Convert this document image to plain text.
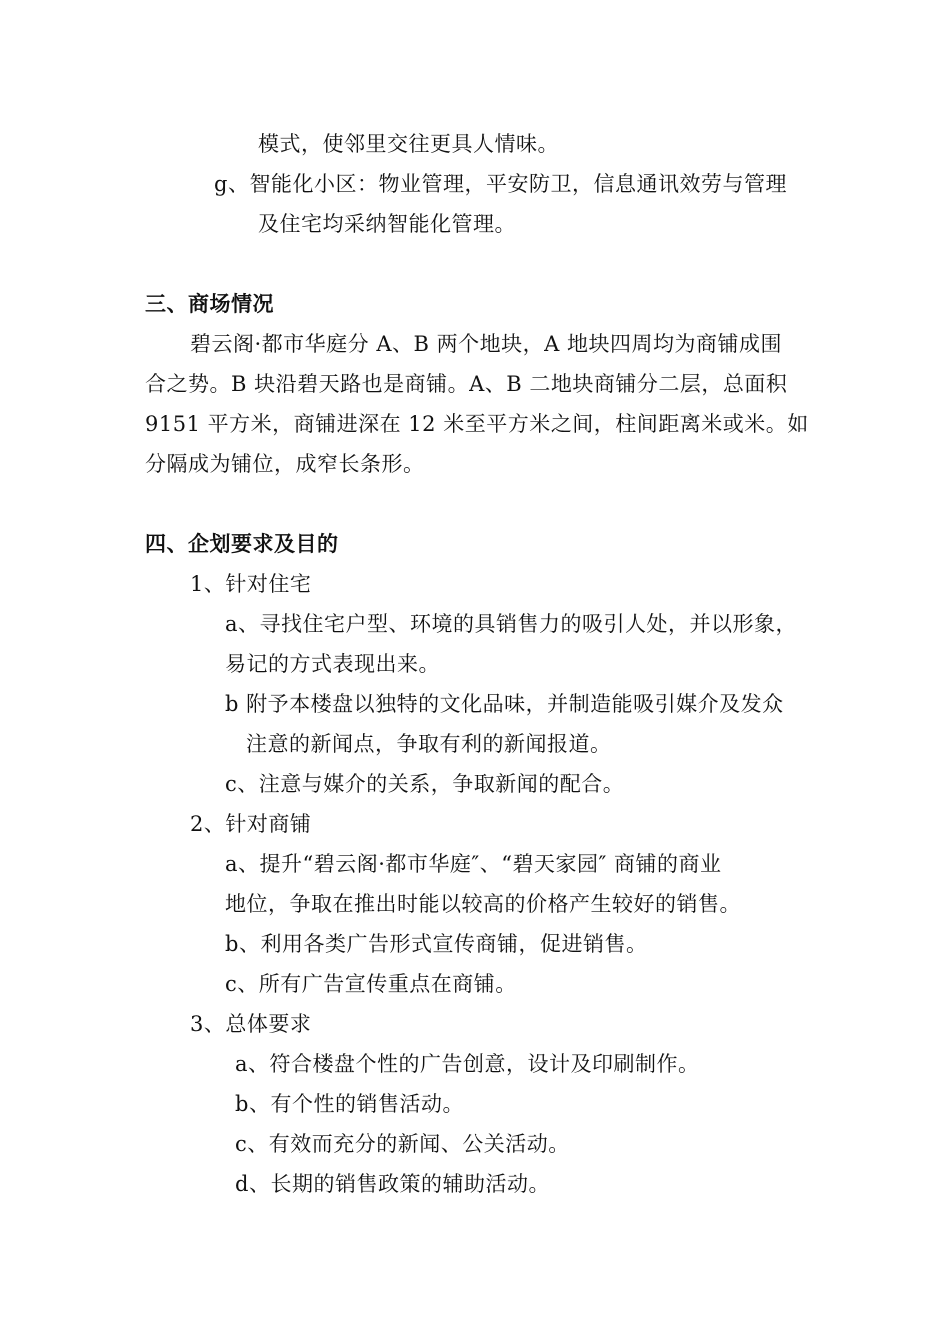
模式，使邻里交往更具人情味。
g、智能化小区：物业管理，平安防卫，信息通讯效劳与管理
及住宅均采纳智能化管理。
三、商场情况
碧云阁·都市华庭分 A、B 两个地块，A 地块四周均为商铺成围
合之势。B 块沿碧天路也是商铺。A、B 二地块商铺分二层，总面积
9151 平方米，商铺进深在 12 米至平方米之间，柱间距离米或米。如
分隔成为铺位，成窄长条形。
四、企划要求及目的
1、针对住宅
a、寻找住宅户型、环境的具销售力的吸引人处，并以形象，
易记的方式表现出来。
b 附予本楼盘以独特的文化品味，并制造能吸引媒介及发众
注意的新闻点，争取有利的新闻报道。
c、注意与媒介的关系，争取新闻的配合。
2、针对商铺
a、提升“碧云阁·都市华庭″、“碧天家园″ 商铺的商业
地位，争取在推出时能以较高的价格产生较好的销售。
b、利用各类广告形式宣传商铺，促进销售。
c、所有广告宣传重点在商铺。
3、总体要求
a、符合楼盘个性的广告创意，设计及印刷制作。
b、有个性的销售活动。
c、有效而充分的新闻、公关活动。
d、长期的销售政策的辅助活动。
